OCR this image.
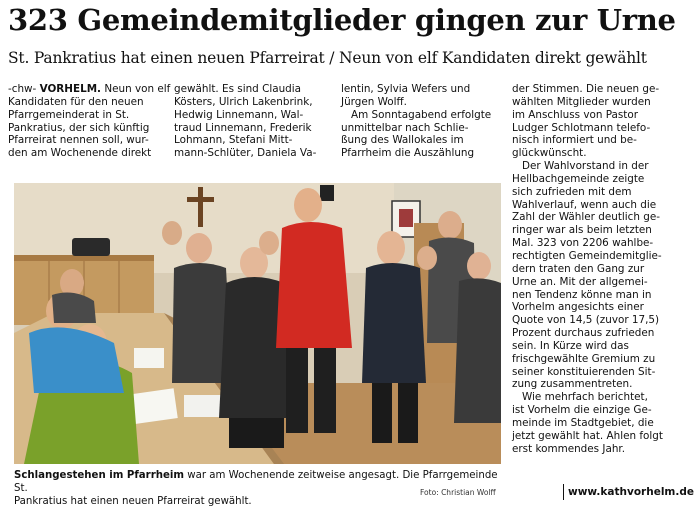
323 Gemeindemitglieder gingen zur Urne
St. Pankratius hat einen neuen Pfarreirat / Neun von elf Kandidaten direkt gewählt
-chw- VORHELM. Neun von elf
Kandidaten für den neuen
Pfarrgemeinderat in St.
Pankratius, der sich künftig
Pfarreirat nennen soll, wur-
den am Wochenende direkt
gewählt. Es sind Claudia
Kösters, Ulrich Lakenbrink,
Hedwig Linnemann, Wal-
traud Linnemann, Frederik
Lohmann, Stefani Mitt-
mann-Schlüter, Daniela Va-
lentin, Sylvia Wefers und
Jürgen Wolff.
Am Sonntagabend erfolgte
unmittelbar nach Schlie-
ßung des Wallokales im
Pfarrheim die Auszählung
der Stimmen. Die neuen ge-
wählten Mitglieder wurden
im Anschluss von Pastor
Ludger Schlotmann telefo-
nisch informiert und be-
glückwünscht.
Der Wahlvorstand in der
Hellbachgemeinde zeigte
sich zufrieden mit dem
Wahlverlauf, wenn auch die
Zahl der Wähler deutlich ge-
ringer war als beim letzten
Mal. 323 von 2206 wahlbe-
rechtigten Gemeindemitglie-
dern traten den Gang zur
Urne an. Mit der allgemei-
nen Tendenz könne man in
Vorhelm angesichts einer
Quote von 14,5 (zuvor 17,5)
Prozent durchaus zufrieden
sein. In Kürze wird das
frischgewählte Gremium zu
seiner konstituierenden Sit-
zung zusammentreten.
Wie mehrfach berichtet,
ist Vorhelm die einzige Ge-
meinde im Stadtgebiet, die
jetzt gewählt hat. Ahlen folgt
erst kommendes Jahr.
Schlangestehen im Pfarrheim war am Wochenende zeitweise angesagt. Die Pfarrgemeinde St.
Pankratius hat einen neuen Pfarreirat gewählt.
Foto: Christian Wolff	www.kathvorhelm.de
